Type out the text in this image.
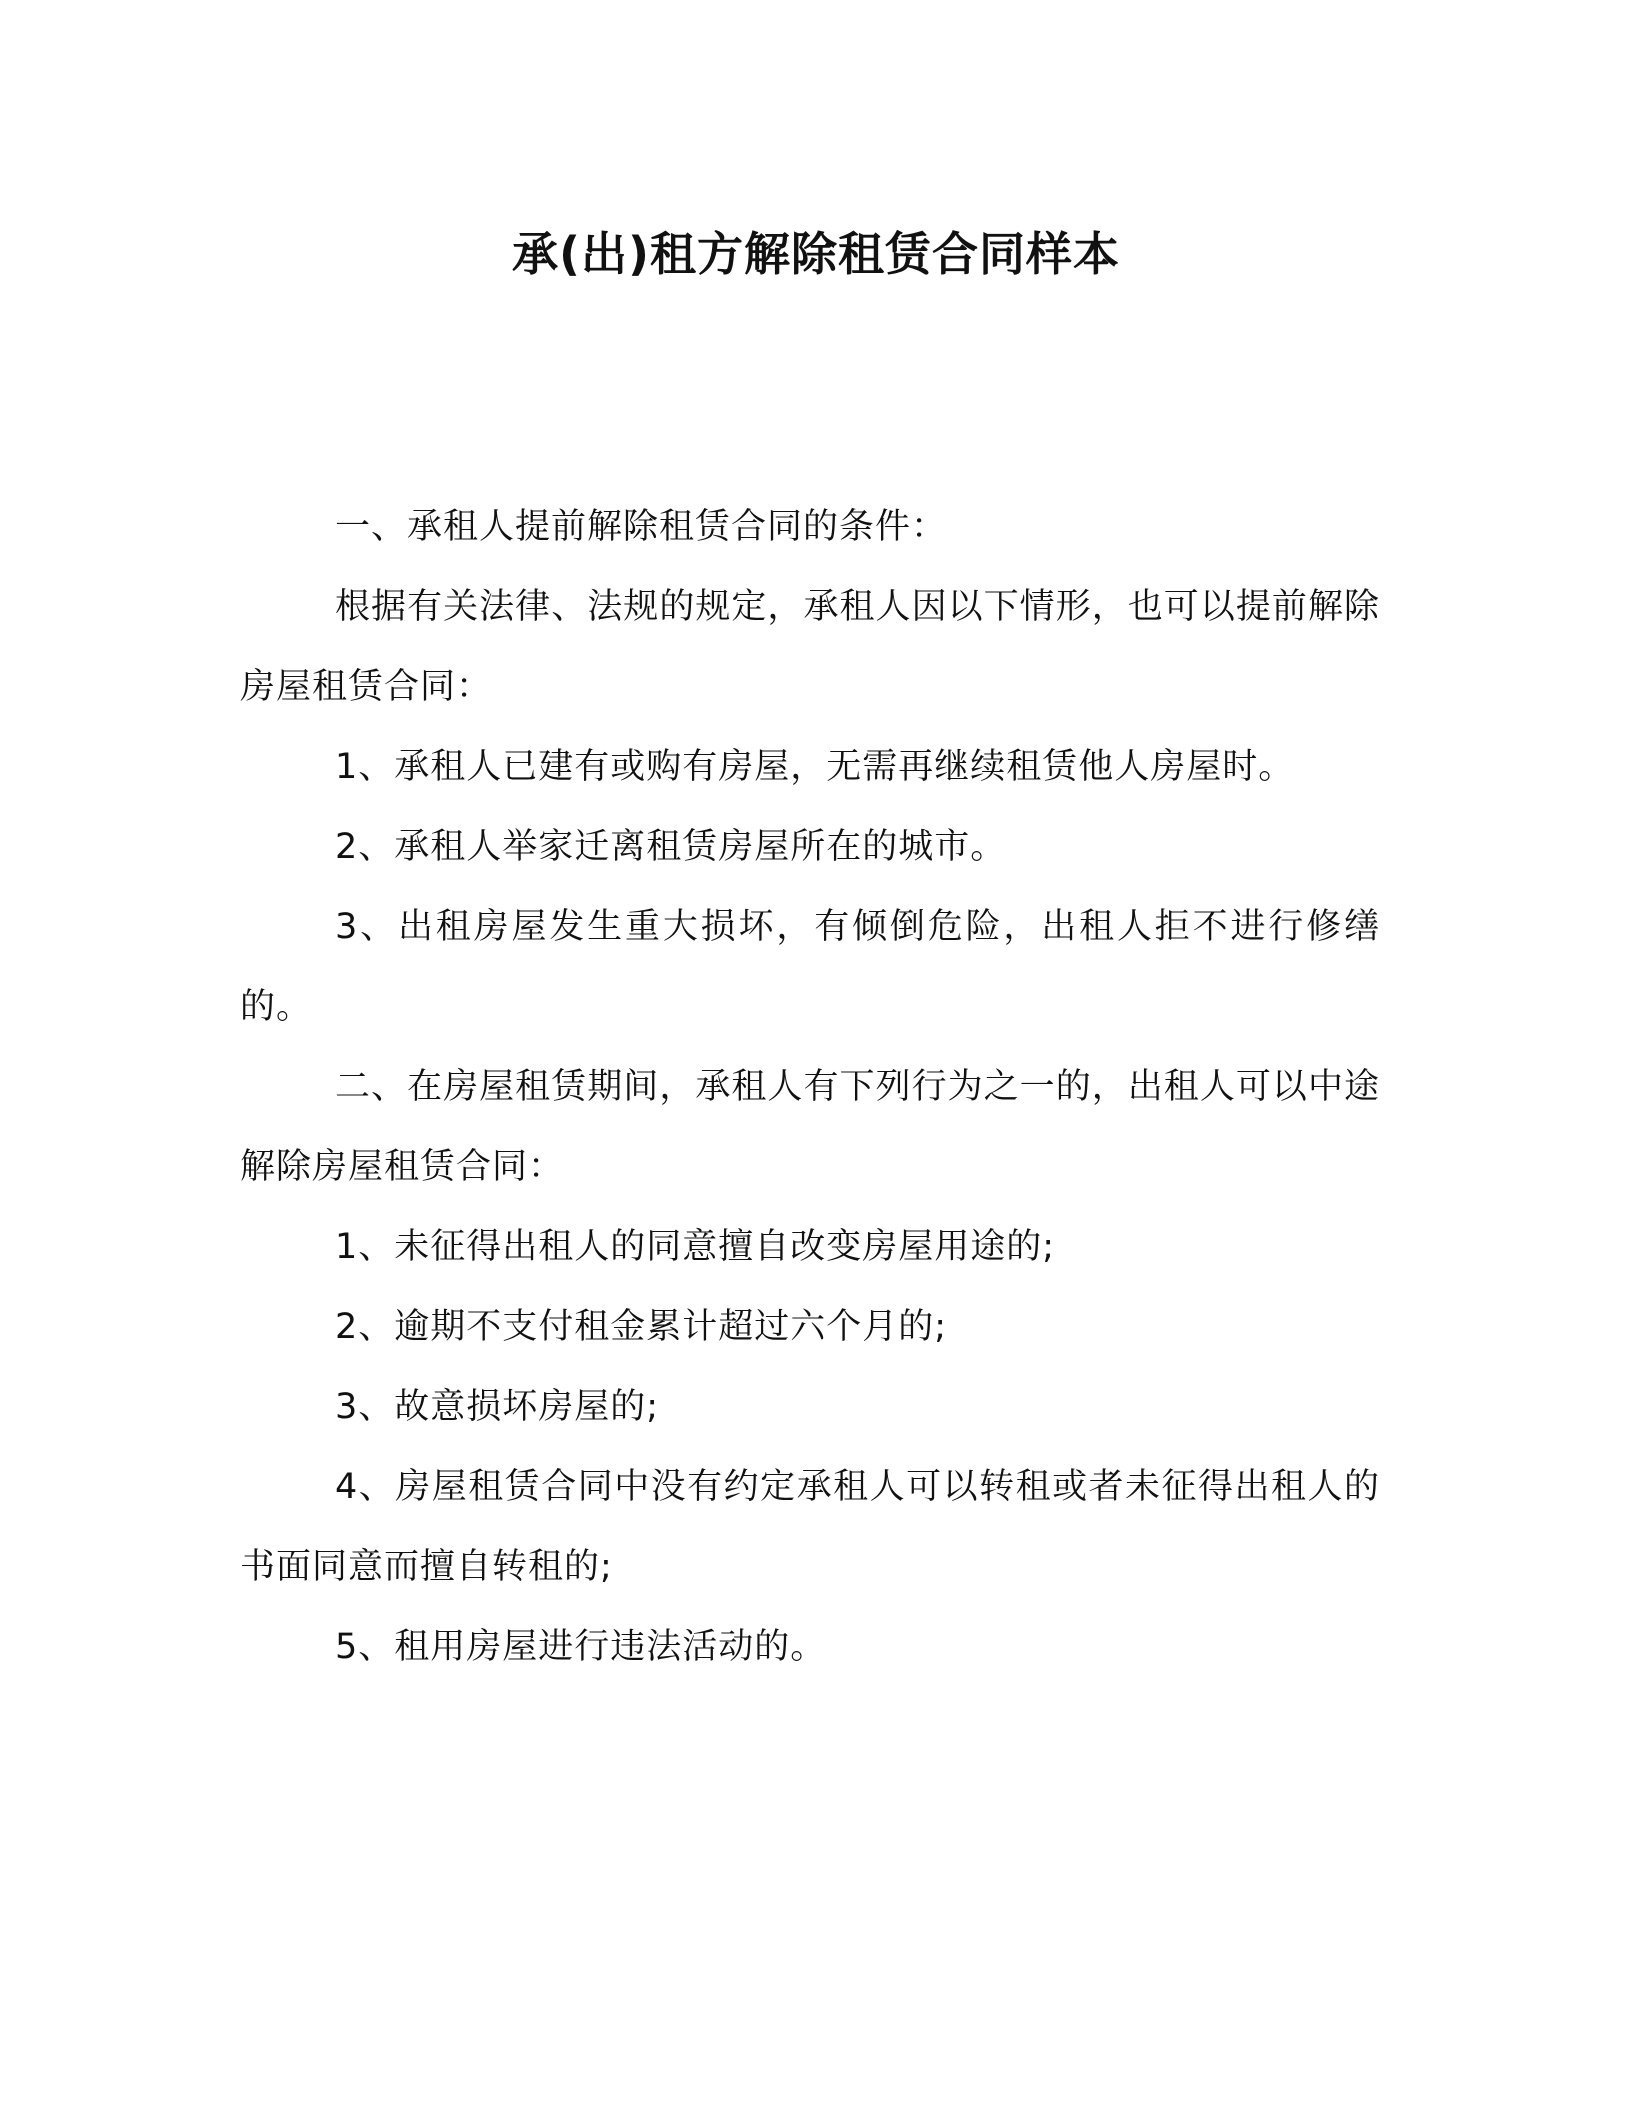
承(出)租方解除租赁合同样本

一、承租人提前解除租赁合同的条件：

根据有关法律、法规的规定，承租人因以下情形，也可以提前解除房屋租赁合同：

1、承租人已建有或购有房屋，无需再继续租赁他人房屋时。

2、承租人举家迁离租赁房屋所在的城市。

3、出租房屋发生重大损坏，有倾倒危险，出租人拒不进行修缮的。

二、在房屋租赁期间，承租人有下列行为之一的，出租人可以中途解除房屋租赁合同：

1、未征得出租人的同意擅自改变房屋用途的;

2、逾期不支付租金累计超过六个月的;

3、故意损坏房屋的;

4、房屋租赁合同中没有约定承租人可以转租或者未征得出租人的书面同意而擅自转租的;

5、租用房屋进行违法活动的。
